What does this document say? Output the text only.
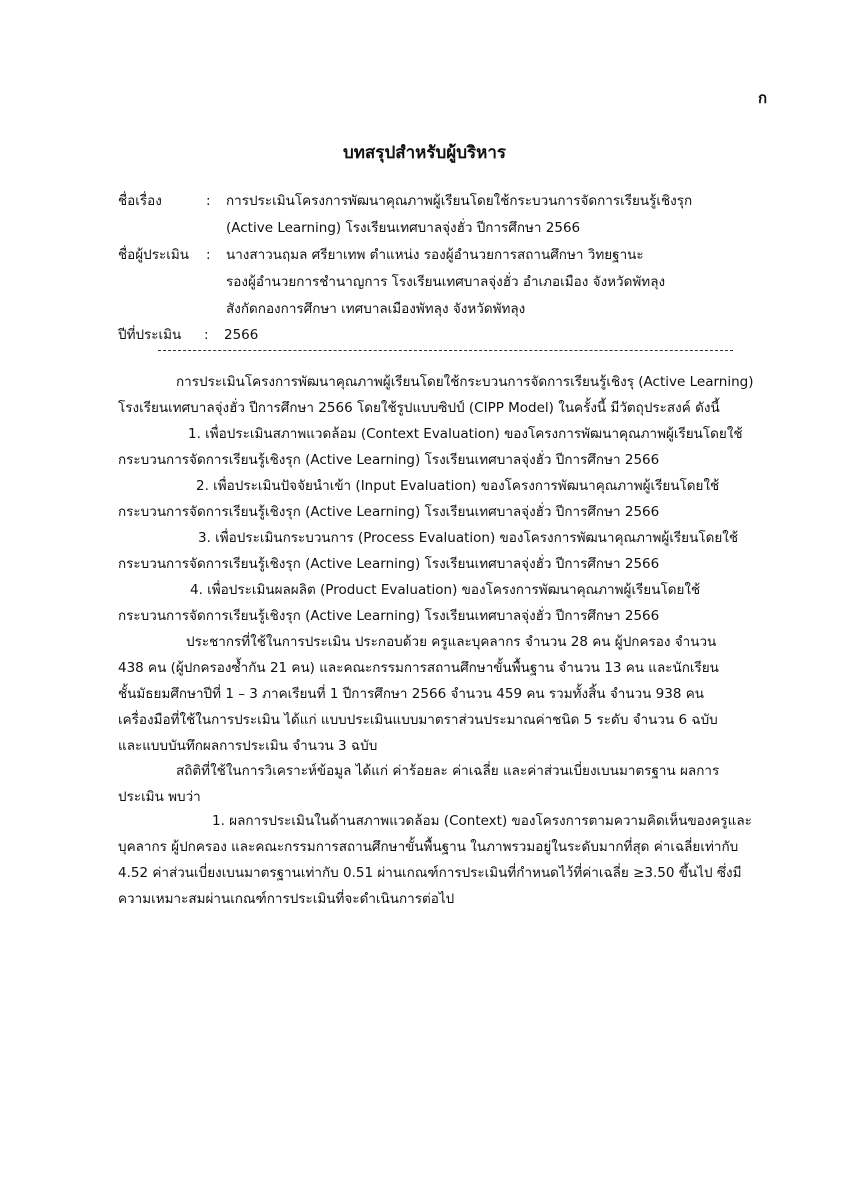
ก
บทสรุปสำหรับผู้บริหาร
ชื่อเรื่อง	: การประเมินโครงการพัฒนาคุณภาพผู้เรียนโดยใช้กระบวนการจัดการเรียนรู้เชิงรุก
(Active Learning) โรงเรียนเทศบาลจุ่งฮั่ว ปีการศึกษา 2566
ชื่อผู้ประเมิน : นางสาวนฤมล ศรียาเทพ ตำแหน่ง รองผู้อำนวยการสถานศึกษา วิทยฐานะ
รองผู้อำนวยการชำนาญการ โรงเรียนเทศบาลจุ่งฮั่ว อำเภอเมือง จังหวัดพัทลุง
สังกัดกองการศึกษา เทศบาลเมืองพัทลุง จังหวัดพัทลุง
ปีที่ประเมิน : 2566
การประเมินโครงการพัฒนาคุณภาพผู้เรียนโดยใช้กระบวนการจัดการเรียนรู้เชิงรุ (Active Learning)
โรงเรียนเทศบาลจุ่งฮั่ว ปีการศึกษา 2566 โดยใช้รูปแบบซิปป์ (CIPP Model) ในครั้งนี้ มีวัตถุประสงค์ ดังนี้
1. เพื่อประเมินสภาพแวดล้อม (Context Evaluation) ของโครงการพัฒนาคุณภาพผู้เรียนโดยใช้
กระบวนการจัดการเรียนรู้เชิงรุก (Active Learning) โรงเรียนเทศบาลจุ่งฮั่ว ปีการศึกษา 2566
2. เพื่อประเมินปัจจัยนำเข้า (Input Evaluation) ของโครงการพัฒนาคุณภาพผู้เรียนโดยใช้
กระบวนการจัดการเรียนรู้เชิงรุก (Active Learning) โรงเรียนเทศบาลจุ่งฮั่ว ปีการศึกษา 2566
3. เพื่อประเมินกระบวนการ (Process Evaluation) ของโครงการพัฒนาคุณภาพผู้เรียนโดยใช้
กระบวนการจัดการเรียนรู้เชิงรุก (Active Learning) โรงเรียนเทศบาลจุ่งฮั่ว ปีการศึกษา 2566
4. เพื่อประเมินผลผลิต (Product Evaluation) ของโครงการพัฒนาคุณภาพผู้เรียนโดยใช้
กระบวนการจัดการเรียนรู้เชิงรุก (Active Learning) โรงเรียนเทศบาลจุ่งฮั่ว ปีการศึกษา 2566
ประชากรที่ใช้ในการประเมิน ประกอบด้วย ครูและบุคลากร จำนวน 28 คน ผู้ปกครอง จำนวน
438 คน (ผู้ปกครองซ้ำกัน 21 คน) และคณะกรรมการสถานศึกษาขั้นพื้นฐาน จำนวน 13 คน และนักเรียน
ชั้นมัธยมศึกษาปีที่ 1 – 3 ภาคเรียนที่ 1 ปีการศึกษา 2566 จำนวน 459 คน รวมทั้งสิ้น จำนวน 938 คน
เครื่องมือที่ใช้ในการประเมิน ได้แก่ แบบประเมินแบบมาตราส่วนประมาณค่าชนิด 5 ระดับ จำนวน 6 ฉบับ
และแบบบันทึกผลการประเมิน จำนวน 3 ฉบับ
สถิติที่ใช้ในการวิเคราะห์ข้อมูล ได้แก่ ค่าร้อยละ ค่าเฉลี่ย และค่าส่วนเบี่ยงเบนมาตรฐาน ผลการ
ประเมิน พบว่า
1. ผลการประเมินในด้านสภาพแวดล้อม (Context) ของโครงการตามความคิดเห็นของครูและ
บุคลากร ผู้ปกครอง และคณะกรรมการสถานศึกษาขั้นพื้นฐาน ในภาพรวมอยู่ในระดับมากที่สุด ค่าเฉลี่ยเท่ากับ
4.52 ค่าส่วนเบี่ยงเบนมาตรฐานเท่ากับ 0.51 ผ่านเกณฑ์การประเมินที่กำหนดไว้ที่ค่าเฉลี่ย ≥3.50 ขึ้นไป ซึ่งมี
ความเหมาะสมผ่านเกณฑ์การประเมินที่จะดำเนินการต่อไป
